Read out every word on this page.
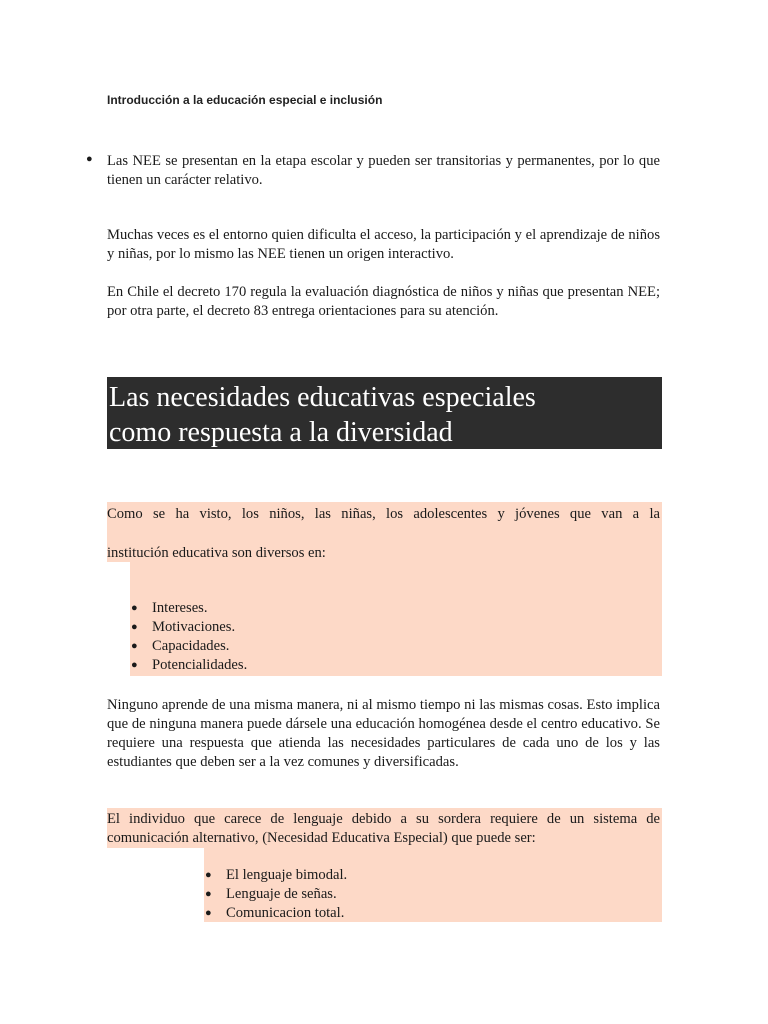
Introducción a la educación especial e inclusión
● Las NEE se presentan en la etapa escolar y pueden ser transitorias y permanentes, por lo que tienen un carácter relativo.
Muchas veces es el entorno quien dificulta el acceso, la participación y el aprendizaje de niños y niñas, por lo mismo las NEE tienen un origen interactivo.
En Chile el decreto 170 regula la evaluación diagnóstica de niños y niñas que presentan NEE; por otra parte, el decreto 83 entrega orientaciones para su atención.
Las necesidades educativas especiales
como respuesta a la diversidad
Como se ha visto, los niños, las niñas, los adolescentes y jóvenes que van a la
institución educativa son diversos en:
● Intereses.
● Motivaciones.
● Capacidades.
● Potencialidades.
Ninguno aprende de una misma manera, ni al mismo tiempo ni las mismas cosas. Esto implica que de ninguna manera puede dársele una educación homogénea desde el centro educativo. Se requiere una respuesta que atienda las necesidades particulares de cada uno de los y las estudiantes que deben ser a la vez comunes y diversificadas.
El individuo que carece de lenguaje debido a su sordera requiere de un sistema de comunicación alternativo, (Necesidad Educativa Especial) que puede ser:
● El lenguaje bimodal.
● Lenguaje de señas.
● Comunicacion total.
